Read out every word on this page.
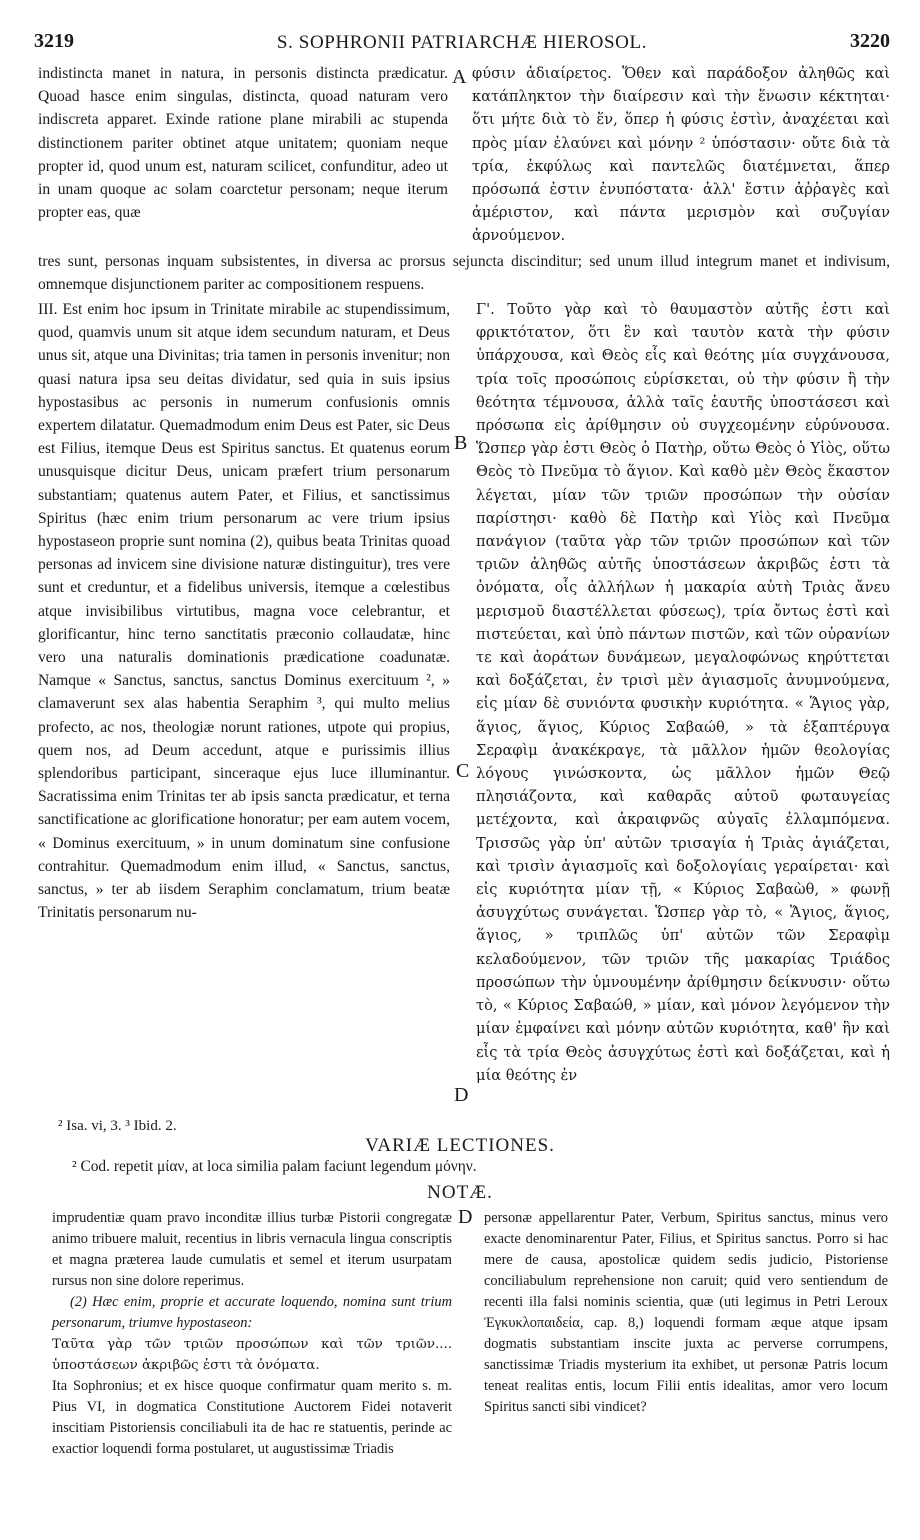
3219	S. SOPHRONII PATRIARCHÆ HIEROSOL.	3220
indistincta manet in natura, in personis distincta prædicatur. Quoad hasce enim singulas, distincta, quoad naturam vero indiscreta apparet. Exinde ratione plane mirabili ac stupenda distinctionem pariter obtinet atque unitatem; quoniam neque propter id, quod unum est, naturam scilicet, confunditur, adeo ut in unam quoque ac solam coarctetur personam; neque iterum propter eas, quæ
φύσιν ἀδιαίρετος. Ὅθεν καὶ παράδοξον ἀληθῶς καὶ κατάπληκτον τὴν διαίρεσιν καὶ τὴν ἕνωσιν κέκτηται· ὅτι μήτε διὰ τὸ ἕν, ὅπερ ἡ φύσις ἐστὶν, ἀναχέεται καὶ πρὸς μίαν ἐλαύνει καὶ μόνην ² ὑπόστασιν· οὔτε διὰ τὰ τρία, ἐκφύλως καὶ παντελῶς διατέμνεται, ἅπερ πρόσωπά ἐστιν ἐνυπόστατα· ἀλλ' ἔστιν ἀῤῥαγὲς καὶ ἀμέριστον, καὶ πάντα μερισμὸν καὶ συζυγίαν ἀρνούμενον.
A
tres sunt, personas inquam subsistentes, in diversa ac prorsus sejuncta discinditur; sed unum illud integrum manet et indivisum, omnemque disjunctionem pariter ac compositionem respuens.
III. Est enim hoc ipsum in Trinitate mirabile ac stupendissimum, quod, quamvis unum sit atque idem secundum naturam, et Deus unus sit, atque una Divinitas; tria tamen in personis invenitur; non quasi natura ipsa seu deitas dividatur, sed quia in suis ipsius hypostasibus ac personis in numerum confusionis omnis expertem dilatatur. Quemadmodum enim Deus est Pater, sic Deus est Filius, itemque Deus est Spiritus sanctus. Et quatenus eorum unusquisque dicitur Deus, unicam præfert trium personarum substantiam; quatenus autem Pater, et Filius, et sanctissimus Spiritus (hæc enim trium personarum ac vere trium ipsius hypostaseon proprie sunt nomina (2), quibus beata Trinitas quoad personas ad invicem sine divisione naturæ distinguitur), tres vere sunt et creduntur, et a fidelibus universis, itemque a cœlestibus atque invisibilibus virtutibus, magna voce celebrantur, et glorificantur, hinc terno sanctitatis præconio collaudatæ, hinc vero una naturalis dominationis prædicatione coadunatæ. Namque « Sanctus, sanctus, sanctus Dominus exercituum ², » clamaverunt sex alas habentia Seraphim ³, qui multo melius profecto, ac nos, theologiæ norunt rationes, utpote qui propius, quem nos, ad Deum accedunt, atque e purissimis illius splendoribus participant, sinceraque ejus luce illuminantur. Sacratissima enim Trinitas ter ab ipsis sancta prædicatur, et terna sanctificatione ac glorificatione honoratur; per eam autem vocem, « Dominus exercituum, » in unum dominatum sine confusione contrahitur. Quemadmodum enim illud, « Sanctus, sanctus, sanctus, » ter ab iisdem Seraphim conclamatum, trium beatæ Trinitatis personarum nu-
Γ'. Τοῦτο γὰρ καὶ τὸ θαυμαστὸν αὐτῆς ἐστι καὶ φρικτότατον, ὅτι ἓν καὶ ταυτὸν κατὰ τὴν φύσιν ὑπάρχουσα, καὶ Θεὸς εἷς καὶ θεότης μία συγχάνουσα, τρία τοῖς προσώποις εὑρίσκεται, οὐ τὴν φύσιν ἢ τὴν θεότητα τέμνουσα, ἀλλὰ ταῖς ἑαυτῆς ὑποστάσεσι καὶ πρόσωπα εἰς ἀρίθμησιν οὐ συγχεομένην εὐρύνουσα. Ὥσπερ γὰρ ἐστι Θεὸς ὁ Πατὴρ, οὕτω Θεὸς ὁ Υἱὸς, οὕτω Θεὸς τὸ Πνεῦμα τὸ ἅγιον. Καὶ καθὸ μὲν Θεὸς ἕκαστον λέγεται, μίαν τῶν τριῶν προσώπων τὴν οὐσίαν παρίστησι· καθὸ δὲ Πατὴρ καὶ Υἱὸς καὶ Πνεῦμα πανάγιον (ταῦτα γὰρ τῶν τριῶν προσώπων καὶ τῶν τριῶν ἀληθῶς αὐτῆς ὑποστάσεων ἀκριβῶς ἐστι τὰ ὀνόματα, οἷς ἀλλήλων ἡ μακαρία αὐτὴ Τριὰς ἄνευ μερισμοῦ διαστέλλεται φύσεως), τρία ὄντως ἐστὶ καὶ πιστεύεται, καὶ ὑπὸ πάντων πιστῶν, καὶ τῶν οὐρανίων τε καὶ ἀοράτων δυνάμεων, μεγαλοφώνως κηρύττεται καὶ δοξάζεται, ἐν τρισὶ μὲν ἁγιασμοῖς ἀνυμνούμενα, εἰς μίαν δὲ συνιόντα φυσικὴν κυριότητα. « Ἅγιος γὰρ, ἅγιος, ἅγιος, Κύριος Σαβαώθ, » τὰ ἑξαπτέρυγα Σεραφὶμ ἀνακέκραγε, τὰ μᾶλλον ἡμῶν θεολογίας λόγους γινώσκοντα, ὡς μᾶλλον ἡμῶν Θεῷ πλησιάζοντα, καὶ καθαρᾶς αὐτοῦ φωταυγείας μετέχοντα, καὶ ἀκραιφνῶς αὐγαῖς ἐλλαμπόμενα. Τρισσῶς γὰρ ὑπ' αὐτῶν τρισαγία ἡ Τριὰς ἁγιάζεται, καὶ τρισὶν ἁγιασμοῖς καὶ δοξολογίαις γεραίρεται· καὶ εἰς κυριότητα μίαν τῇ, « Κύριος Σαβαὼθ, » φωνῇ ἀσυγχύτως συνάγεται. Ὥσπερ γὰρ τὸ, « Ἅγιος, ἅγιος, ἅγιος, » τριπλῶς ὑπ' αὐτῶν τῶν Σεραφὶμ κελαδούμενον, τῶν τριῶν τῆς μακαρίας Τριάδος προσώπων τὴν ὑμνουμένην ἀρίθμησιν δείκνυσιν· οὕτω τὸ, « Κύριος Σαβαώθ, » μίαν, καὶ μόνον λεγόμενον τὴν μίαν ἐμφαίνει καὶ μόνην αὐτῶν κυριότητα, καθ' ἣν καὶ εἷς τὰ τρία Θεὸς ἀσυγχύτως ἐστὶ καὶ δοξάζεται, καὶ ἡ μία θεότης ἐν
B
C
D
² Isa. vi, 3. ³ Ibid. 2.
VARIÆ LECTIONES.
² Cod. repetit μίαν, at loca similia palam faciunt legendum μόνην.
NOTÆ.
imprudentiæ quam pravo inconditæ illius turbæ Pistorii congregatæ animo tribuere maluit, recentius in libris vernacula lingua conscriptis et magna præterea laude cumulatis et semel et iterum usurpatam rursus non sine dolore reperimus.
(2) Hæc enim, proprie et accurate loquendo, nomina sunt trium personarum, triumve hypostaseon:
Ταῦτα γὰρ τῶν τριῶν προσώπων καὶ τῶν τριῶν.... ὑποστάσεων ἀκριβῶς ἐστι τὰ ὀνόματα.
Ita Sophronius; et ex hisce quoque confirmatur quam merito s. m. Pius VI, in dogmatica Constitutione Auctorem Fidei notaverit inscitiam Pistoriensis conciliabuli ita de hac re statuentis, perinde ac exactior loquendi forma postularet, ut augustissimæ Triadis
D personæ appellarentur Pater, Verbum, Spiritus sanctus, minus vero exacte denominarentur Pater, Filius, et Spiritus sanctus. Porro si hac mere de causa, apostolicæ quidem sedis judicio, Pistoriense conciliabulum reprehensione non caruit; quid vero sentiendum de recenti illa falsi nominis scientia, quæ (uti legimus in Petri Leroux Ἐγκυκλοπαιδεία, cap. 8,) loquendi formam æque atque ipsam dogmatis substantiam inscite juxta ac perverse corrumpens, sanctissimæ Triadis mysterium ita exhibet, ut personæ Patris locum teneat realitas entis, locum Filii entis idealitas, amor vero locum Spiritus sancti sibi vindicet?
